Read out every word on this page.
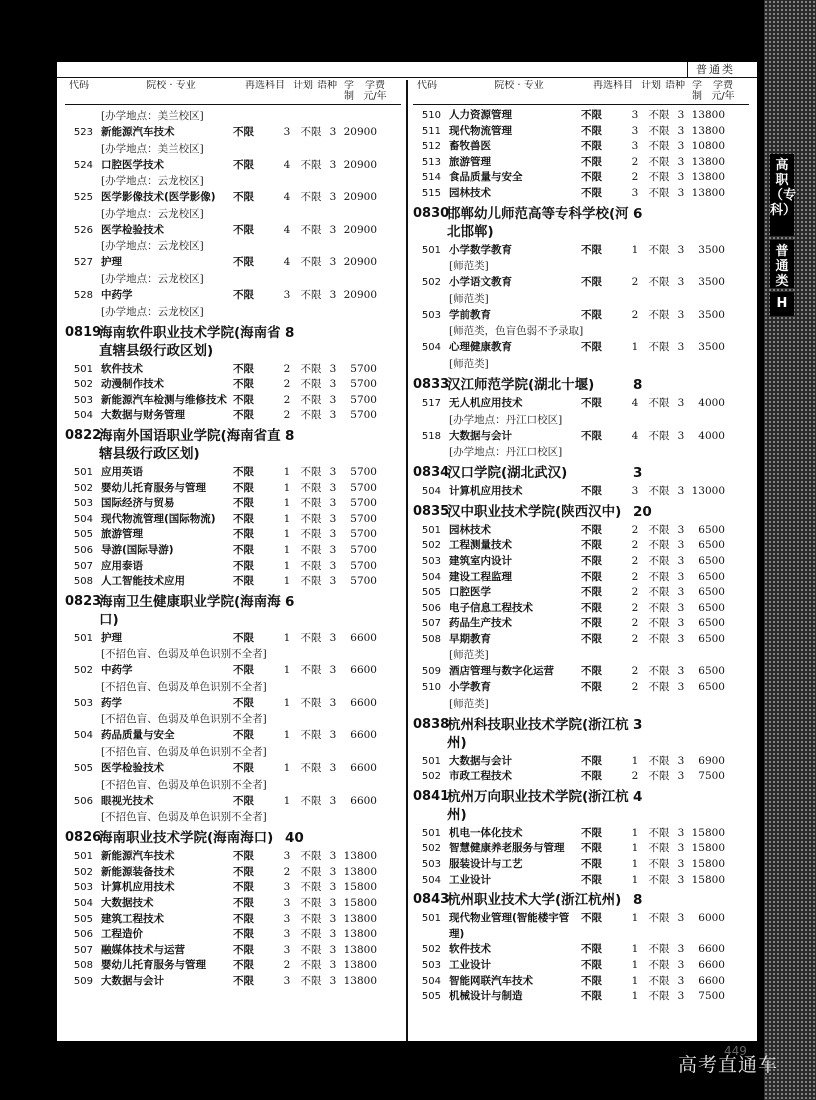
普通类
代码	院校 · 专业	再选科目 计划 语种 学
制
学费
元/年
[办学地点：美兰校区]
523 新能源汽车技术	不限	3 不限 3 20900
[办学地点：美兰校区]
524 口腔医学技术	不限	4 不限 3 20900
[办学地点：云龙校区]
525 医学影像技术(医学影像)	不限	4 不限 3 20900
[办学地点：云龙校区]
526 医学检验技术	不限	4 不限 3 20900
[办学地点：云龙校区]
527 护理	不限	4 不限 3 20900
[办学地点：云龙校区]
528 中药学	不限	3 不限 3 20900
[办学地点：云龙校区]
0819
海南软件职业技术学院(海南省直辖县级行政区划)
8
501 软件技术	不限	2 不限 3	5700
502 动漫制作技术	不限	2 不限 3	5700
503 新能源汽车检测与维修技术 不限	2 不限 3	5700
504 大数据与财务管理	不限	2 不限 3	5700
0822
海南外国语职业学院(海南省直辖县级行政区划)
8
501 应用英语	不限	1 不限 3	5700
502 婴幼儿托育服务与管理	不限	1 不限 3	5700
503 国际经济与贸易	不限	1 不限 3	5700
504 现代物流管理(国际物流)	不限	1 不限 3	5700
505 旅游管理	不限	1 不限 3	5700
506 导游(国际导游)	不限	1 不限 3	5700
507 应用泰语	不限	1 不限 3	5700
508 人工智能技术应用	不限	1 不限 3	5700
0823
海南卫生健康职业学院(海南海口)
6
501 护理	不限	1 不限 3	6600
[不招色盲、色弱及单色识别不全者]
502 中药学	不限	1 不限 3	6600
[不招色盲、色弱及单色识别不全者]
503 药学	不限	1 不限 3	6600
[不招色盲、色弱及单色识别不全者]
504 药品质量与安全	不限	1 不限 3	6600
[不招色盲、色弱及单色识别不全者]
505 医学检验技术	不限	1 不限 3	6600
[不招色盲、色弱及单色识别不全者]
506 眼视光技术	不限	1 不限 3	6600
[不招色盲、色弱及单色识别不全者]
0826
海南职业技术学院(海南海口) 40
501 新能源汽车技术	不限	3 不限 3 13800
502 新能源装备技术	不限	2 不限 3 13800
503 计算机应用技术	不限	3 不限 3 15800
504 大数据技术	不限	3 不限 3 15800
505 建筑工程技术	不限	3 不限 3 13800
506 工程造价	不限	3 不限 3 13800
507 融媒体技术与运营	不限	3 不限 3 13800
508 婴幼儿托育服务与管理	不限	2 不限 3 13800
509 大数据与会计	不限	3 不限 3 13800
代码	院校 · 专业	再选科目 计划 语种 学
制
学费
元/年
510 人力资源管理	不限	3 不限 3 13800
511 现代物流管理	不限	3 不限 3 13800
512 畜牧兽医	不限	3 不限 3 10800
513 旅游管理	不限	2 不限 3 13800
514 食品质量与安全	不限	2 不限 3 13800
515 园林技术	不限	3 不限 3 13800
0830
邯郸幼儿师范高等专科学校(河北邯郸)
6
501 小学数学教育	不限	1 不限 3	3500
[师范类]
502 小学语文教育	不限	2 不限 3	3500
[师范类]
503 学前教育	不限	2 不限 3	3500
[师范类，色盲色弱不予录取]
504 心理健康教育	不限	1 不限 3	3500
[师范类]
0833
汉江师范学院(湖北十堰)	8
517 无人机应用技术	不限	4 不限 3	4000
[办学地点：丹江口校区]
518 大数据与会计	不限	4 不限 3	4000
[办学地点：丹江口校区]
0834
汉口学院(湖北武汉)	3
504 计算机应用技术	不限	3 不限 3 13000
0835
汉中职业技术学院(陕西汉中) 20
501 园林技术	不限	2 不限 3	6500
502 工程测量技术	不限	2 不限 3	6500
503 建筑室内设计	不限	2 不限 3	6500
504 建设工程监理	不限	2 不限 3	6500
505 口腔医学	不限	2 不限 3	6500
506 电子信息工程技术	不限	2 不限 3	6500
507 药品生产技术	不限	2 不限 3	6500
508 早期教育	不限	2 不限 3	6500
[师范类]
509 酒店管理与数字化运营	不限	2 不限 3	6500
510 小学教育	不限	2 不限 3	6500
[师范类]
0838
杭州科技职业技术学院(浙江杭州)
3
501 大数据与会计	不限	1 不限 3	6900
502 市政工程技术	不限	2 不限 3	7500
0841
杭州万向职业技术学院(浙江杭州)
4
501 机电一体化技术	不限	1 不限 3 15800
502 智慧健康养老服务与管理	不限	1 不限 3 15800
503 服装设计与工艺	不限	1 不限 3 15800
504 工业设计	不限	1 不限 3 15800
0843
杭州职业技术大学(浙江杭州) 8
501 现代物业管理(智能楼宇管理)
不限	1 不限 3	6000
502 软件技术	不限	1 不限 3	6600
503 工业设计	不限	1 不限 3	6600
504 智能网联汽车技术	不限	1 不限 3	6600
505 机械设计与制造	不限	1 不限 3	7500
高职（专科）
普通类
H
449
高考直通车
